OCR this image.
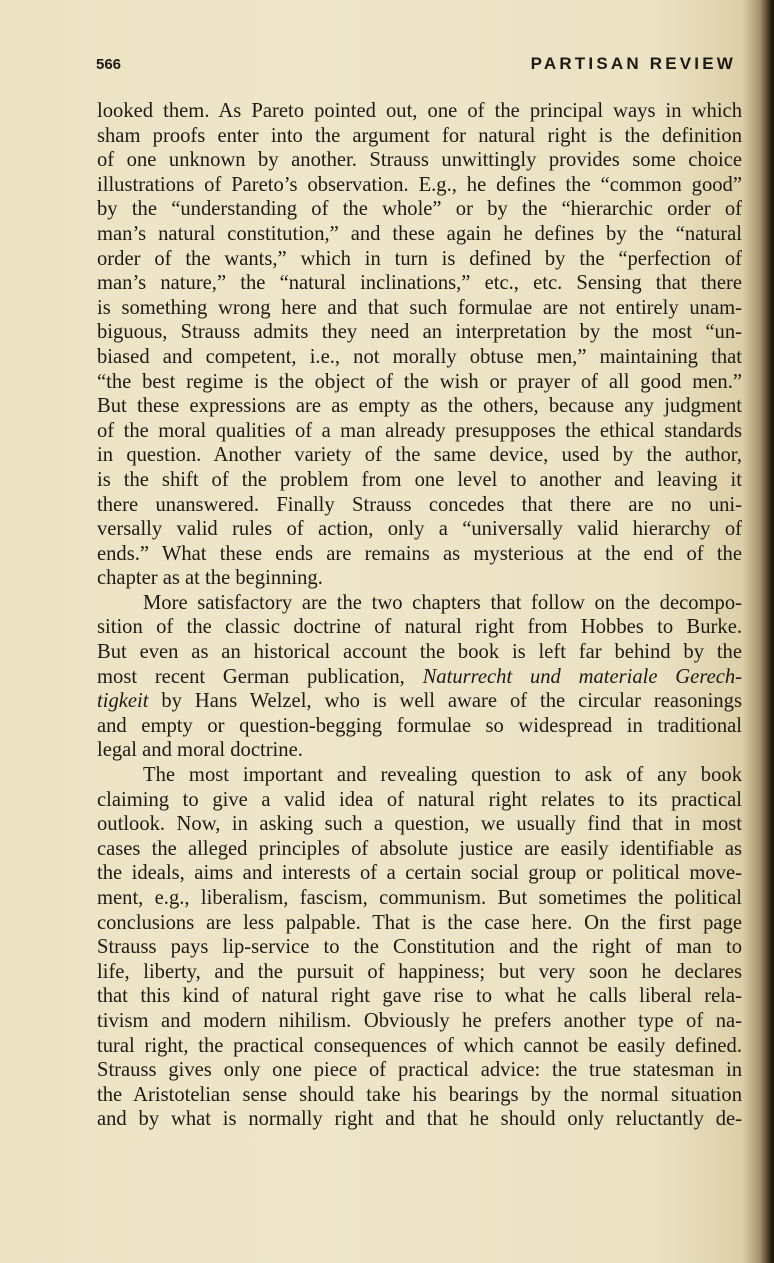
566	PARTISAN REVIEW

looked them. As Pareto pointed out, one of the principal ways in which
sham proofs enter into the argument for natural right is the definition
of one unknown by another. Strauss unwittingly provides some choice
illustrations of Pareto’s observation. E.g., he defines the “common good”
by the “understanding of the whole” or by the “hierarchic order of
man’s natural constitution,” and these again he defines by the “natural
order of the wants,” which in turn is defined by the “perfection of
man’s nature,” the “natural inclinations,” etc., etc. Sensing that there
is something wrong here and that such formulae are not entirely unam-
biguous, Strauss admits they need an interpretation by the most “un-
biased and competent, i.e., not morally obtuse men,” maintaining that
“the best regime is the object of the wish or prayer of all good men.”
But these expressions are as empty as the others, because any judgment
of the moral qualities of a man already presupposes the ethical standards
in question. Another variety of the same device, used by the author,
is the shift of the problem from one level to another and leaving it
there unanswered. Finally Strauss concedes that there are no uni-
versally valid rules of action, only a “universally valid hierarchy of
ends.” What these ends are remains as mysterious at the end of the
chapter as at the beginning.

More satisfactory are the two chapters that follow on the decompo-
sition of the classic doctrine of natural right from Hobbes to Burke.
But even as an historical account the book is left far behind by the
most recent German publication, Naturrecht und materiale Gerech-
tigkeit by Hans Welzel, who is well aware of the circular reasonings
and empty or question-begging formulae so widespread in traditional
legal and moral doctrine.

The most important and revealing question to ask of any book
claiming to give a valid idea of natural right relates to its practical
outlook. Now, in asking such a question, we usually find that in most
cases the alleged principles of absolute justice are easily identifiable as
the ideals, aims and interests of a certain social group or political move-
ment, e.g., liberalism, fascism, communism. But sometimes the political
conclusions are less palpable. That is the case here. On the first page
Strauss pays lip-service to the Constitution and the right of man to
life, liberty, and the pursuit of happiness; but very soon he declares
that this kind of natural right gave rise to what he calls liberal rela-
tivism and modern nihilism. Obviously he prefers another type of na-
tural right, the practical consequences of which cannot be easily defined.
Strauss gives only one piece of practical advice: the true statesman in
the Aristotelian sense should take his bearings by the normal situation
and by what is normally right and that he should only reluctantly de-
